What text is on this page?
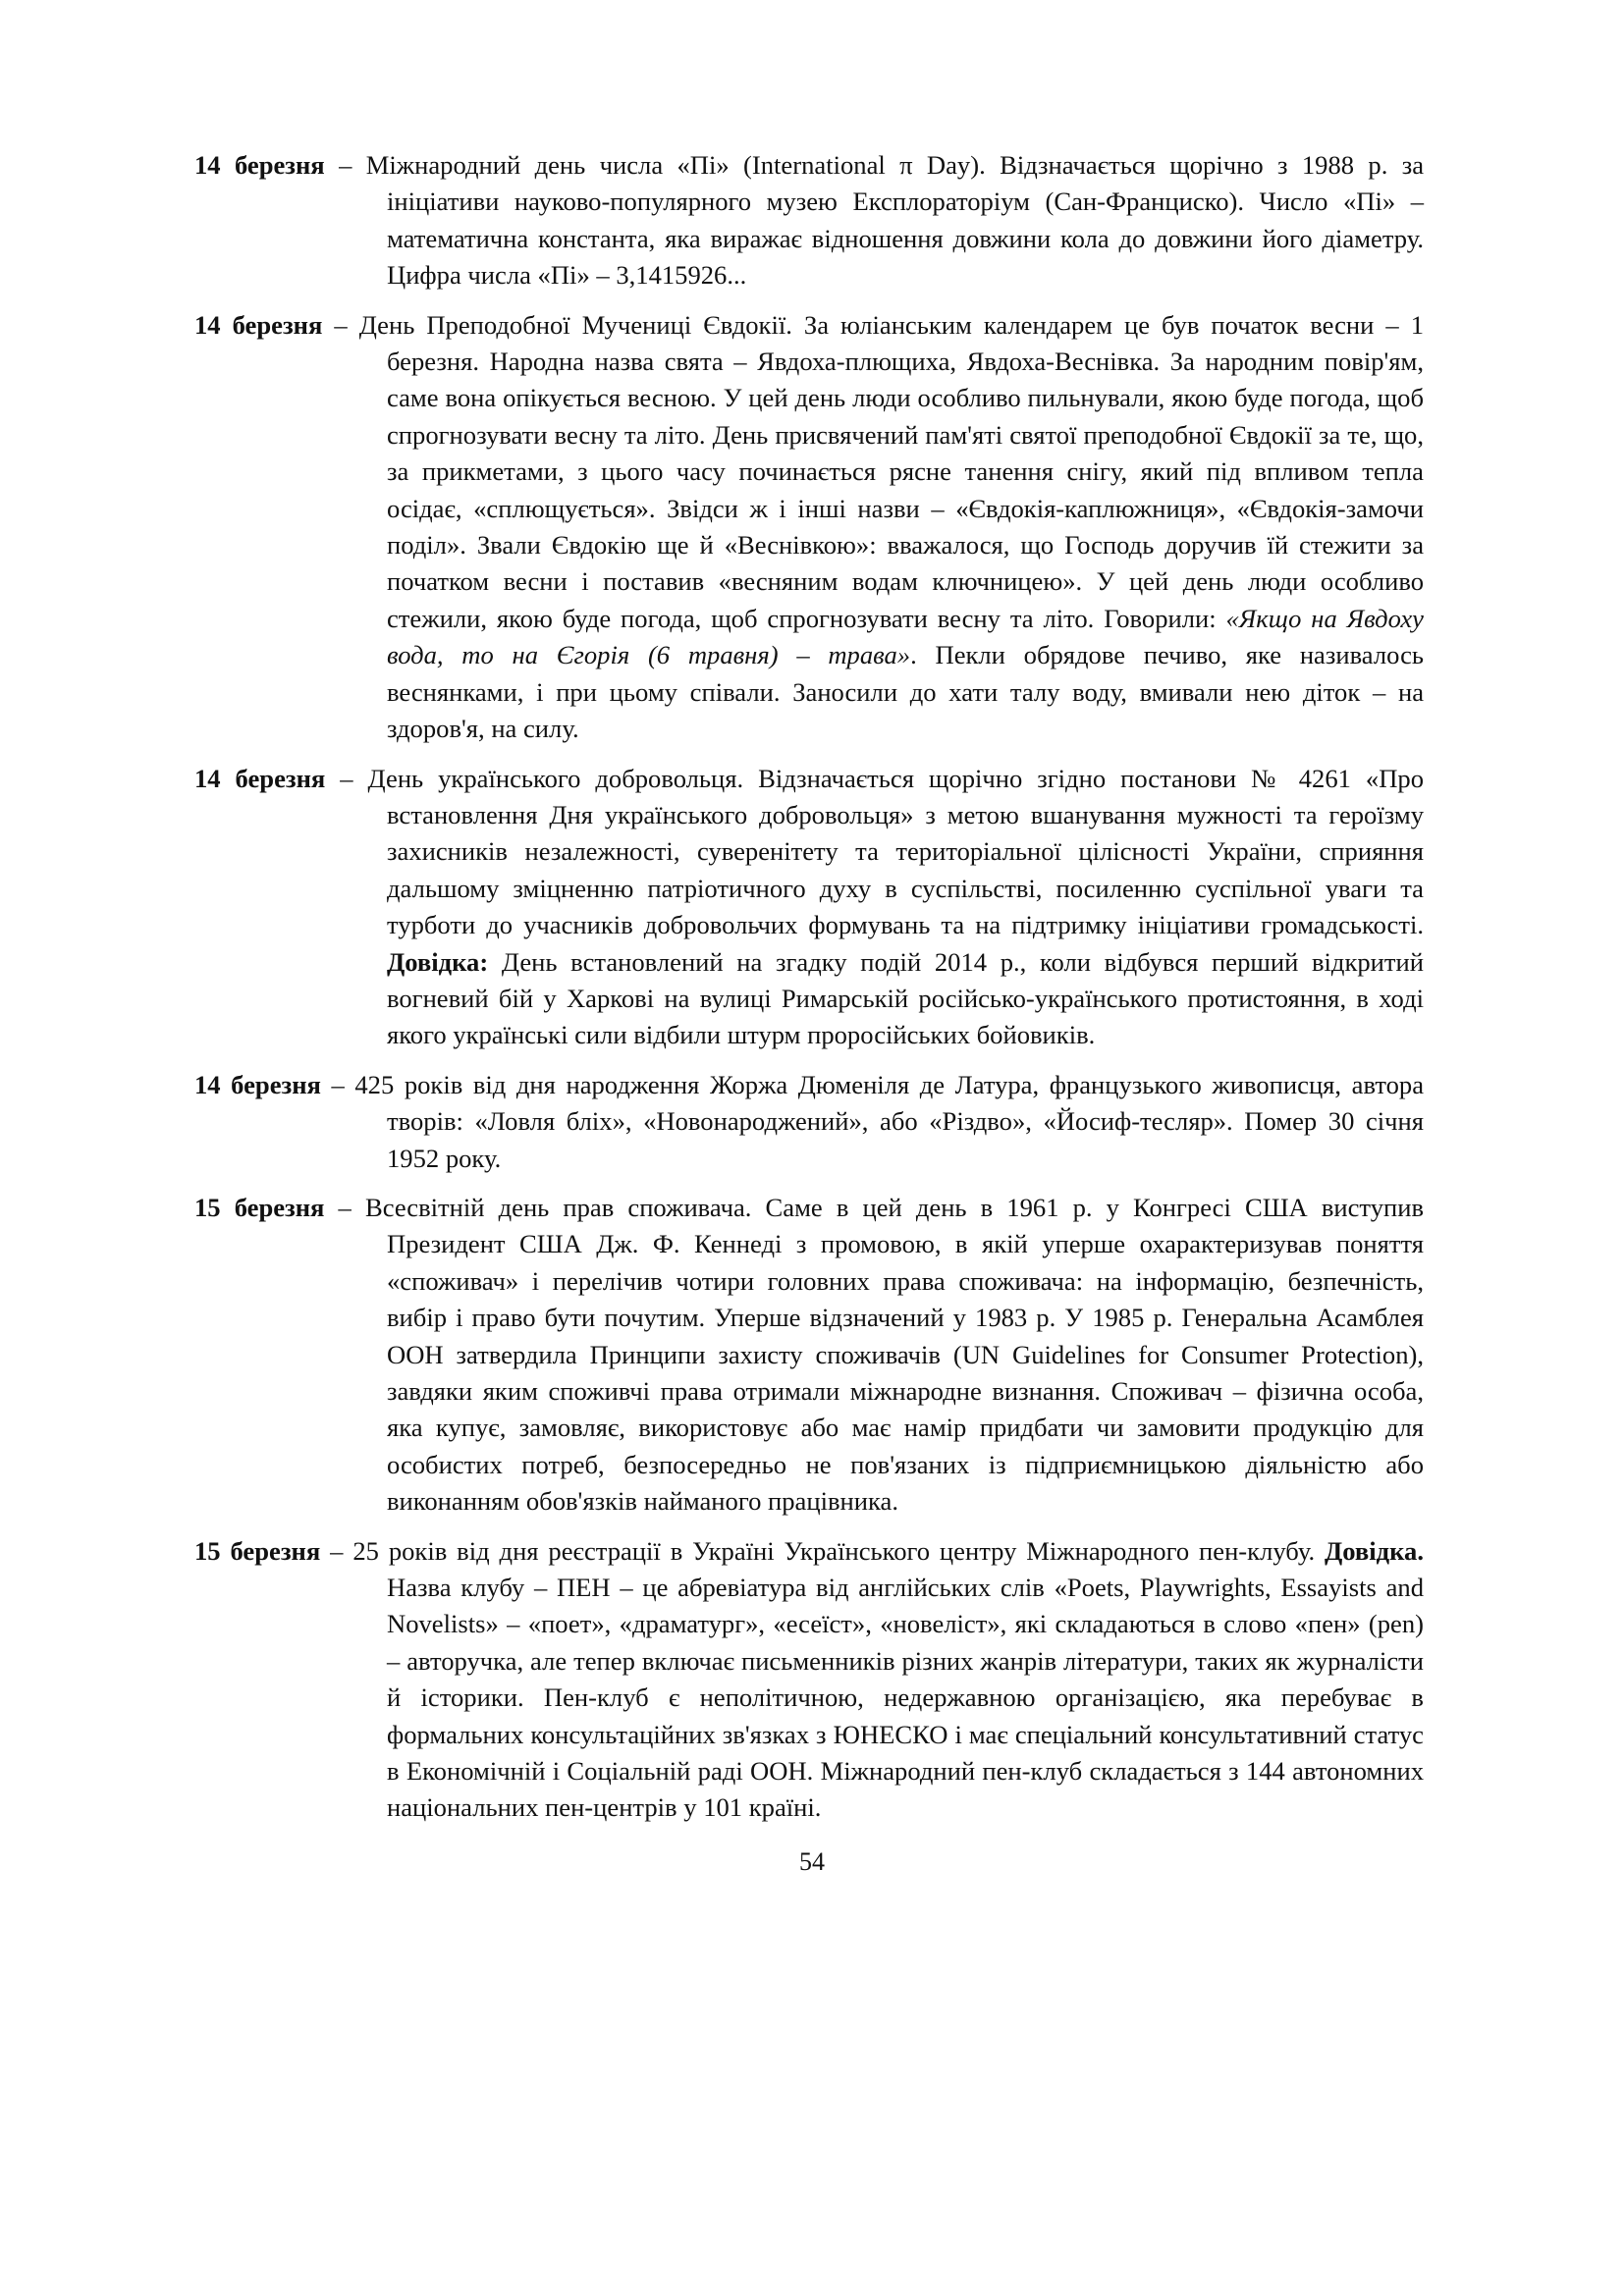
14 березня – Міжнародний день числа «Пі» (International π Day). Відзначається щорічно з 1988 р. за ініціативи науково-популярного музею Експлораторіум (Сан-Франциско). Число «Пі» – математична константа, яка виражає відношення довжини кола до довжини його діаметру. Цифра числа «Пі» – 3,1415926...

14 березня – День Преподобної Мучениці Євдокії. За юліанським календарем це був початок весни – 1 березня. Народна назва свята – Явдоха-плющиха, Явдоха-Веснівка. За народним повір'ям, саме вона опікується весною. У цей день люди особливо пильнували, якою буде погода, щоб спрогнозувати весну та літо. День присвячений пам'яті святої преподобної Євдокії за те, що, за прикметами, з цього часу починається рясне танення снігу, який під впливом тепла осідає, «сплющується». Звідси ж і інші назви – «Євдокія-каплюжниця», «Євдокія-замочи поділ». Звали Євдокію ще й «Веснівкою»: вважалося, що Господь доручив їй стежити за початком весни і поставив «весняним водам ключницею». У цей день люди особливо стежили, якою буде погода, щоб спрогнозувати весну та літо. Говорили: «Якщо на Явдоху вода, то на Єгорія (6 травня) – трава». Пекли обрядове печиво, яке називалось веснянками, і при цьому співали. Заносили до хати талу воду, вмивали нею діток – на здоров'я, на силу.

14 березня – День українського добровольця. Відзначається щорічно згідно постанови № 4261 «Про встановлення Дня українського добровольця» з метою вшанування мужності та героїзму захисників незалежності, суверенітету та територіальної цілісності України, сприяння дальшому зміцненню патріотичного духу в суспільстві, посиленню суспільної уваги та турботи до учасників добровольчих формувань та на підтримку ініціативи громадськості. Довідка: День встановлений на згадку подій 2014 р., коли відбувся перший відкритий вогневий бій у Харкові на вулиці Римарській російсько-українського протистояння, в ході якого українські сили відбили штурм проросійських бойовиків.

14 березня – 425 років від дня народження Жоржа Дюменіля де Латура, французького живописця, автора творів: «Ловля бліх», «Новонароджений», або «Різдво», «Йосиф-тесляр». Помер 30 січня 1952 року.

15 березня – Всесвітній день прав споживача. Саме в цей день в 1961 р. у Конгресі США виступив Президент США Дж. Ф. Кеннеді з промовою, в якій уперше охарактеризував поняття «споживач» і перелічив чотири головних права споживача: на інформацію, безпечність, вибір і право бути почутим. Уперше відзначений у 1983 р. У 1985 р. Генеральна Асамблея ООН затвердила Принципи захисту споживачів (UN Guidelines for Consumer Protection), завдяки яким споживчі права отримали міжнародне визнання. Споживач – фізична особа, яка купує, замовляє, використовує або має намір придбати чи замовити продукцію для особистих потреб, безпосередньо не пов'язаних із підприємницькою діяльністю або виконанням обов'язків найманого працівника.

15 березня – 25 років від дня реєстрації в Україні Українського центру Міжнародного пен-клубу. Довідка. Назва клубу – ПЕН – це абревіатура від англійських слів «Poets, Playwrights, Essayists and Novelists» – «поет», «драматург», «есеїст», «новеліст», які складаються в слово «пен» (pen) – авторучка, але тепер включає письменників різних жанрів літератури, таких як журналісти й історики. Пен-клуб є неполітичною, недержавною організацією, яка перебуває в формальних консультаційних зв'язках з ЮНЕСКО і має спеціальний консультативний статус в Економічній і Соціальній раді ООН. Міжнародний пен-клуб складається з 144 автономних національних пен-центрів у 101 країні.

54
